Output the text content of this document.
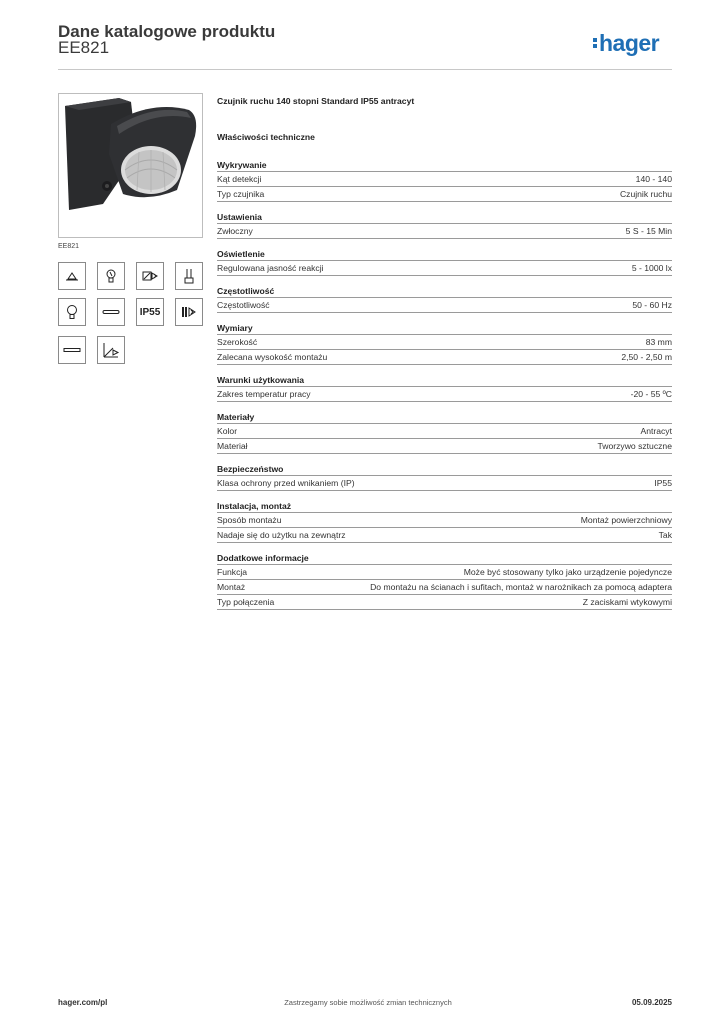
Dane katalogowe produktu
EE821	hager
EE821
IP55
Czujnik ruchu 140 stopni Standard IP55 antracyt
Właściwości techniczne
Wykrywanie
Kąt detekcji	140 - 140
Typ czujnika	Czujnik ruchu
Ustawienia
Zwłoczny	5 S - 15 Min
Oświetlenie
Regulowana jasność reakcji	5 - 1000 lx
Częstotliwość
Częstotliwość	50 - 60 Hz
Wymiary
Szerokość	83 mm
Zalecana wysokość montażu	2,50 - 2,50 m
Warunki użytkowania
Zakres temperatur pracy	-20 - 55 ºC
Materiały
Kolor	Antracyt
Materiał	Tworzywo sztuczne
Bezpieczeństwo
Klasa ochrony przed wnikaniem (IP)	IP55
Instalacja, montaż
Sposób montażu	Montaż powierzchniowy
Nadaje się do użytku na zewnątrz	Tak
Dodatkowe informacje
Funkcja	Może być stosowany tylko jako urządzenie pojedyncze
Montaż	Do montażu na ścianach i sufitach, montaż w narożnikach za pomocą adaptera
Typ połączenia	Z zaciskami wtykowymi
hager.com/pl	Zastrzegamy sobie możliwość zmian technicznych	05.09.2025
